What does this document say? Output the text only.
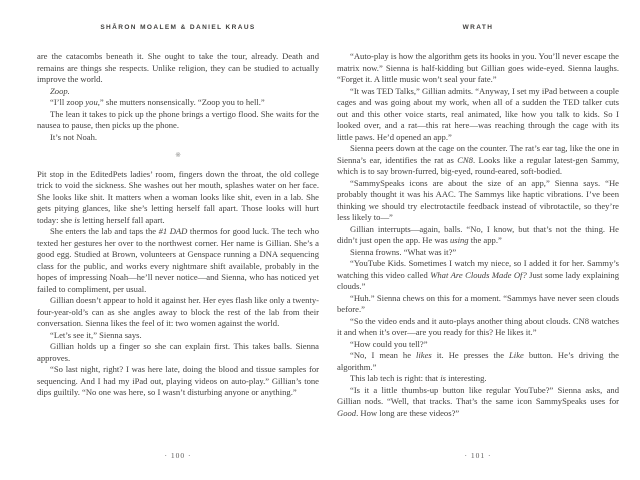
SHĀRON MOALEM & DANIEL KRAUS

are the catacombs beneath it. She ought to take the tour, already. Death and remains are things she respects. Unlike religion, they can be studied to actually improve the world.

Zoop.

“I’ll zoop you,” she mutters nonsensically. “Zoop you to hell.”

The lean it takes to pick up the phone brings a vertigo flood. She waits for the nausea to pause, then picks up the phone.

It’s not Noah.

※

Pit stop in the EditedPets ladies’ room, fingers down the throat, the old college trick to void the sickness. She washes out her mouth, splashes water on her face. She looks like shit. It matters when a woman looks like shit, even in a lab. She gets pitying glances, like she’s letting herself fall apart. Those looks will hurt today: she is letting herself fall apart.

She enters the lab and taps the #1 DAD thermos for good luck. The tech who texted her gestures her over to the northwest corner. Her name is Gillian. She’s a good egg. Studied at Brown, volunteers at Genspace running a DNA sequencing class for the public, and works every nightmare shift available, probably in the hopes of impressing Noah—he’ll never notice—and Sienna, who has noticed yet failed to compliment, per usual.

Gillian doesn’t appear to hold it against her. Her eyes flash like only a twenty-four-year-old’s can as she angles away to block the rest of the lab from their conversation. Sienna likes the feel of it: two women against the world.

“Let’s see it,” Sienna says.

Gillian holds up a finger so she can explain first. This takes balls. Sienna approves.

“So last night, right? I was here late, doing the blood and tissue samples for sequencing. And I had my iPad out, playing videos on auto-play.” Gillian’s tone dips guiltily. “No one was here, so I wasn’t disturbing anyone or anything.”

· 100 ·
WRATH

“Auto-play is how the algorithm gets its hooks in you. You’ll never escape the matrix now.” Sienna is half-kidding but Gillian goes wide-eyed. Sienna laughs. “Forget it. A little music won’t seal your fate.”

“It was TED Talks,” Gillian admits. “Anyway, I set my iPad between a couple cages and was going about my work, when all of a sudden the TED talker cuts out and this other voice starts, real animated, like how you talk to kids. So I looked over, and a rat—this rat here—was reaching through the cage with its little paws. He’d opened an app.”

Sienna peers down at the cage on the counter. The rat’s ear tag, like the one in Sienna’s ear, identifies the rat as CN8. Looks like a regular latest-gen Sammy, which is to say brown-furred, big-eyed, round-eared, soft-bodied.

“SammySpeaks icons are about the size of an app,” Sienna says. “He probably thought it was his AAC. The Sammys like haptic vibrations. I’ve been thinking we should try electrotactile feedback instead of vibrotactile, so they’re less likely to—”

Gillian interrupts—again, balls. “No, I know, but that’s not the thing. He didn’t just open the app. He was using the app.”

Sienna frowns. “What was it?”

“YouTube Kids. Sometimes I watch my niece, so I added it for her. Sammy’s watching this video called What Are Clouds Made Of? Just some lady explaining clouds.”

“Huh.” Sienna chews on this for a moment. “Sammys have never seen clouds before.”

“So the video ends and it auto-plays another thing about clouds. CN8 watches it and when it’s over—are you ready for this? He likes it.”

“How could you tell?”

“No, I mean he likes it. He presses the Like button. He’s driving the algorithm.”

This lab tech is right: that is interesting.

“Is it a little thumbs-up button like regular YouTube?” Sienna asks, and Gillian nods. “Well, that tracks. That’s the same icon SammySpeaks uses for Good. How long are these videos?”

· 101 ·
